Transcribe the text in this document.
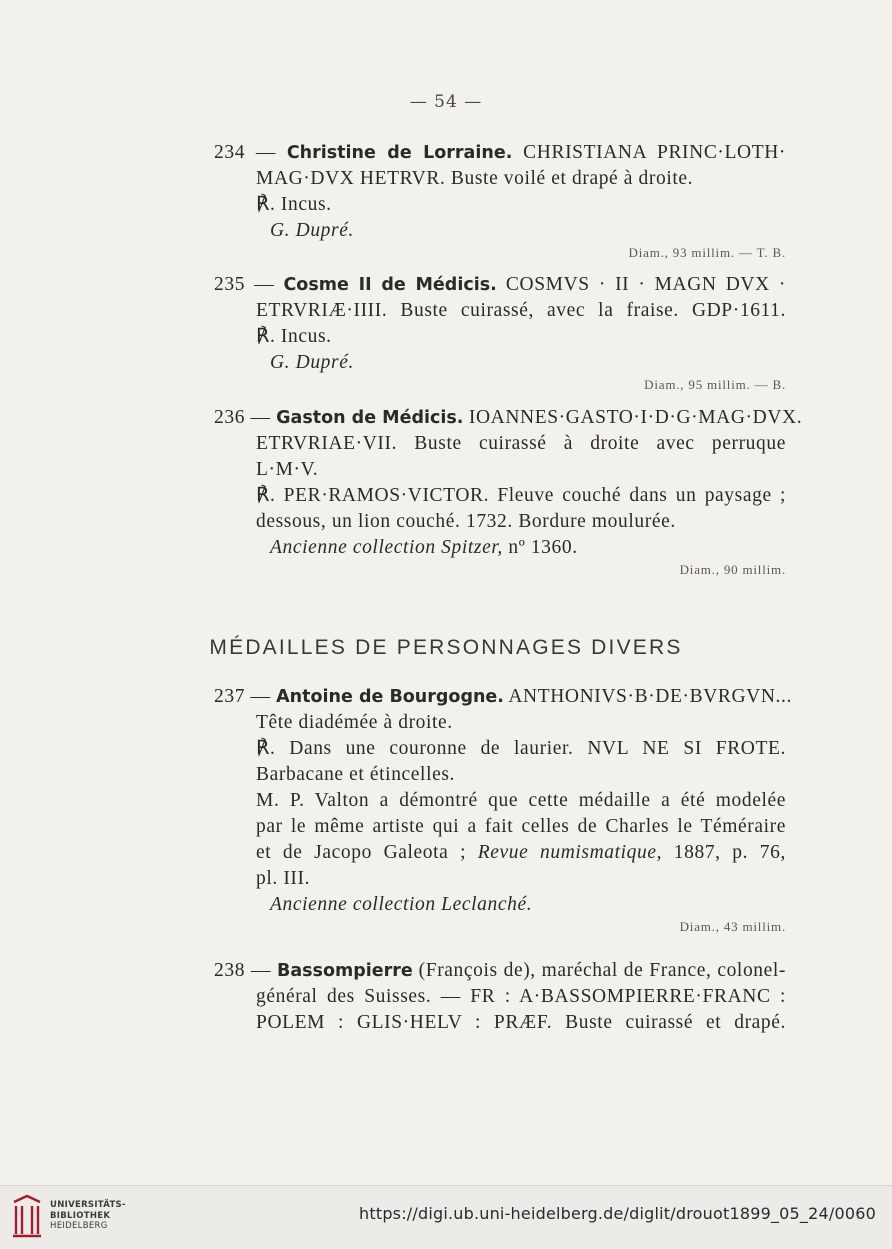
— 54 —
234 — Christine de Lorraine. CHRISTIANA PRINC·LOTH·
MAG·DVX HETRVR. Buste voilé et drapé à droite.
℟. Incus.
G. Dupré.
Diam., 93 millim. — T. B.
235 — Cosme II de Médicis. COSMVS · II · MAGN DVX ·
ETRVRIÆ·IIII. Buste cuirassé, avec la fraise. GDP·1611.
℟. Incus.
G. Dupré.
Diam., 95 millim. — B.
236 — Gaston de Médicis. IOANNES·GASTO·I·D·G·MAG·DVX.
ETRVRIAE·VII. Buste cuirassé à droite avec perruque
L·M·V.
℟. PER·RAMOS·VICTOR. Fleuve couché dans un paysage ;
dessous, un lion couché. 1732. Bordure moulurée.
Ancienne collection Spitzer, nº 1360.
Diam., 90 millim.
MÉDAILLES DE PERSONNAGES DIVERS
237 — Antoine de Bourgogne. ANTHONIVS·B·DE·BVRGVN...
Tête diadémée à droite.
℟. Dans une couronne de laurier. NVL NE SI FROTE.
Barbacane et étincelles.
M. P. Valton a démontré que cette médaille a été modelée
par le même artiste qui a fait celles de Charles le Téméraire
et de Jacopo Galeota ; Revue numismatique, 1887, p. 76,
pl. III.
Ancienne collection Leclanché.
Diam., 43 millim.
238 — Bassompierre (François de), maréchal de France, colonel-
général des Suisses. — FR : A·BASSOMPIERRE·FRANC :
POLEM : GLIS·HELV : PRÆF. Buste cuirassé et drapé.
UNIVERSITÄTS-
BIBLIOTHEK
HEIDELBERG
https://digi.ub.uni-heidelberg.de/diglit/drouot1899_05_24/0060
